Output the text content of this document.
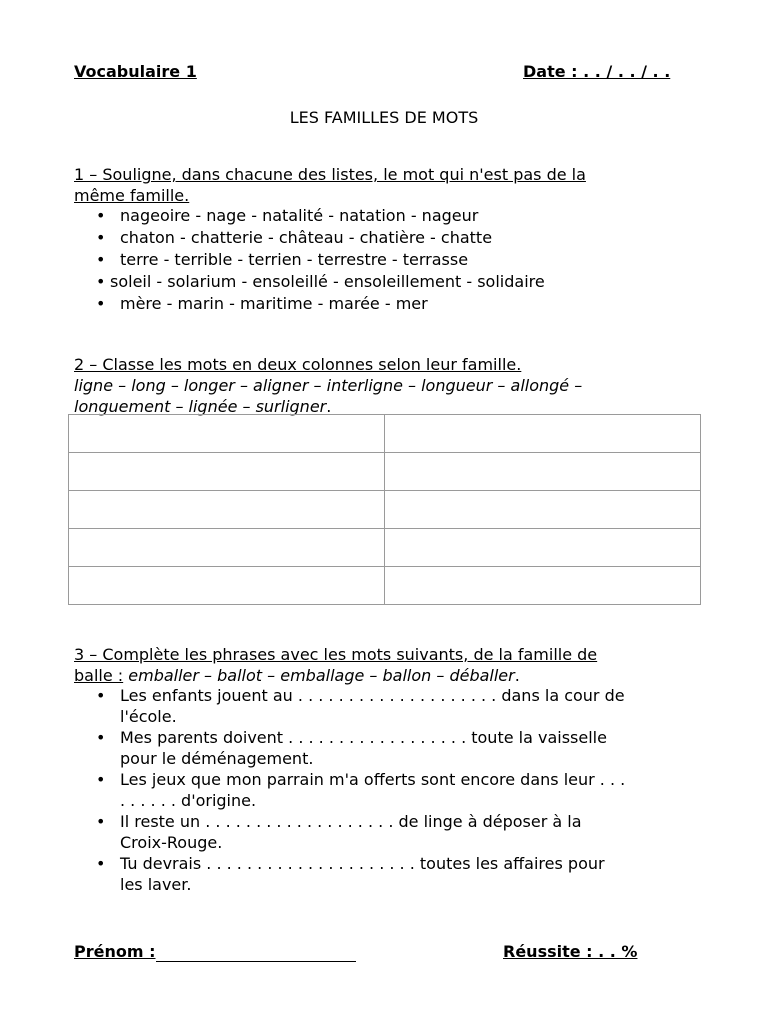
Vocabulaire 1	Date : . . / . . / . .
LES FAMILLES DE MOTS
1 – Souligne, dans chacune des listes, le mot qui n'est pas de la
même famille.
• nageoire - nage - natalité - natation - nageur
• chaton - chatterie - château - chatière - chatte
• terre - terrible - terrien - terrestre - terrasse
• soleil - solarium - ensoleillé - ensoleillement - solidaire
• mère - marin - maritime - marée - mer
2 – Classe les mots en deux colonnes selon leur famille.
ligne – long – longer – aligner – interligne – longueur – allongé –
longuement – lignée – surligner.

3 – Complète les phrases avec les mots suivants, de la famille de
balle : emballer – ballot – emballage – ballon – déballer.
• Les enfants jouent au . . . . . . . . . . . . . . . . . . . . dans la cour de
l'école.
• Mes parents doivent . . . . . . . . . . . . . . . . . . toute la vaisselle
pour le déménagement.
• Les jeux que mon parrain m'a offerts sont encore dans leur . . .
. . . . . . d'origine.
• Il reste un . . . . . . . . . . . . . . . . . . . de linge à déposer à la
Croix-Rouge.
• Tu devrais . . . . . . . . . . . . . . . . . . . . . toutes les affaires pour
les laver.
Prénom :	Réussite : . . %
